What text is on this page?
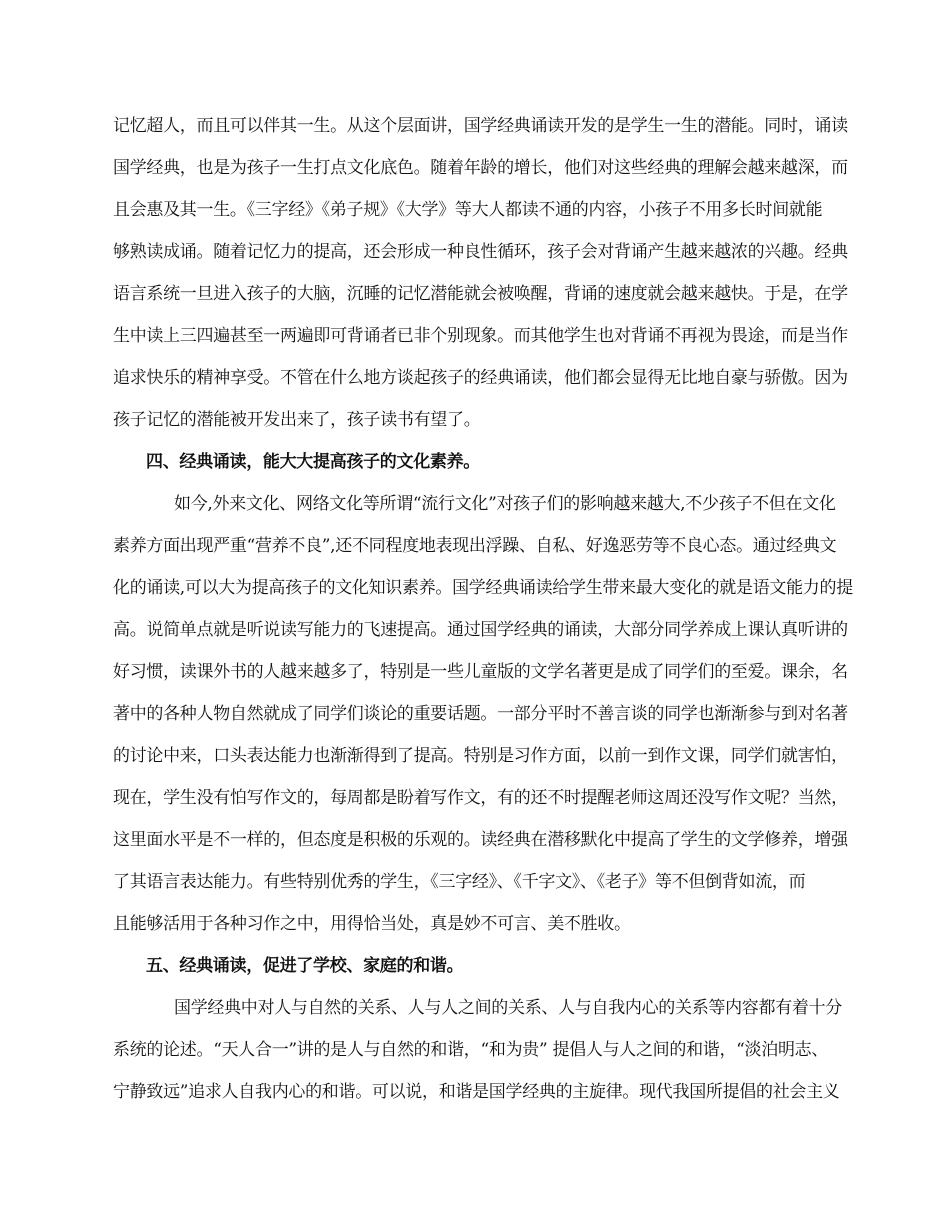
记忆超人，而且可以伴其一生。从这个层面讲，国学经典诵读开发的是学生一生的潜能。同时，诵读
国学经典，也是为孩子一生打点文化底色。随着年龄的增长，他们对这些经典的理解会越来越深，而
且会惠及其一生。《三字经》《弟子规》《大学》等大人都读不通的内容，小孩子不用多长时间就能
够熟读成诵。随着记忆力的提高，还会形成一种良性循环，孩子会对背诵产生越来越浓的兴趣。经典
语言系统一旦进入孩子的大脑，沉睡的记忆潜能就会被唤醒，背诵的速度就会越来越快。于是，在学
生中读上三四遍甚至一两遍即可背诵者已非个别现象。而其他学生也对背诵不再视为畏途，而是当作
追求快乐的精神享受。不管在什么地方谈起孩子的经典诵读，他们都会显得无比地自豪与骄傲。因为
孩子记忆的潜能被开发出来了，孩子读书有望了。
四、经典诵读，能大大提高孩子的文化素养。
如今,外来文化、网络文化等所谓“流行文化”对孩子们的影响越来越大,不少孩子不但在文化
素养方面出现严重“营养不良”,还不同程度地表现出浮躁、自私、好逸恶劳等不良心态。通过经典文
化的诵读,可以大为提高孩子的文化知识素养。国学经典诵读给学生带来最大变化的就是语文能力的提
高。说简单点就是听说读写能力的飞速提高。通过国学经典的诵读，大部分同学养成上课认真听讲的
好习惯，读课外书的人越来越多了，特别是一些儿童版的文学名著更是成了同学们的至爱。课余，名
著中的各种人物自然就成了同学们谈论的重要话题。一部分平时不善言谈的同学也渐渐参与到对名著
的讨论中来，口头表达能力也渐渐得到了提高。特别是习作方面，以前一到作文课，同学们就害怕，
现在，学生没有怕写作文的，每周都是盼着写作文，有的还不时提醒老师这周还没写作文呢？当然，
这里面水平是不一样的，但态度是积极的乐观的。读经典在潜移默化中提高了学生的文学修养，增强
了其语言表达能力。有些特别优秀的学生，《三字经》、《千字文》、《老子》等不但倒背如流，而
且能够活用于各种习作之中，用得恰当处，真是妙不可言、美不胜收。
五、经典诵读，促进了学校、家庭的和谐。
国学经典中对人与自然的关系、人与人之间的关系、人与自我内心的关系等内容都有着十分
系统的论述。“天人合一”讲的是人与自然的和谐，“和为贵” 提倡人与人之间的和谐，“淡泊明志、
宁静致远”追求人自我内心的和谐。可以说，和谐是国学经典的主旋律。现代我国所提倡的社会主义
